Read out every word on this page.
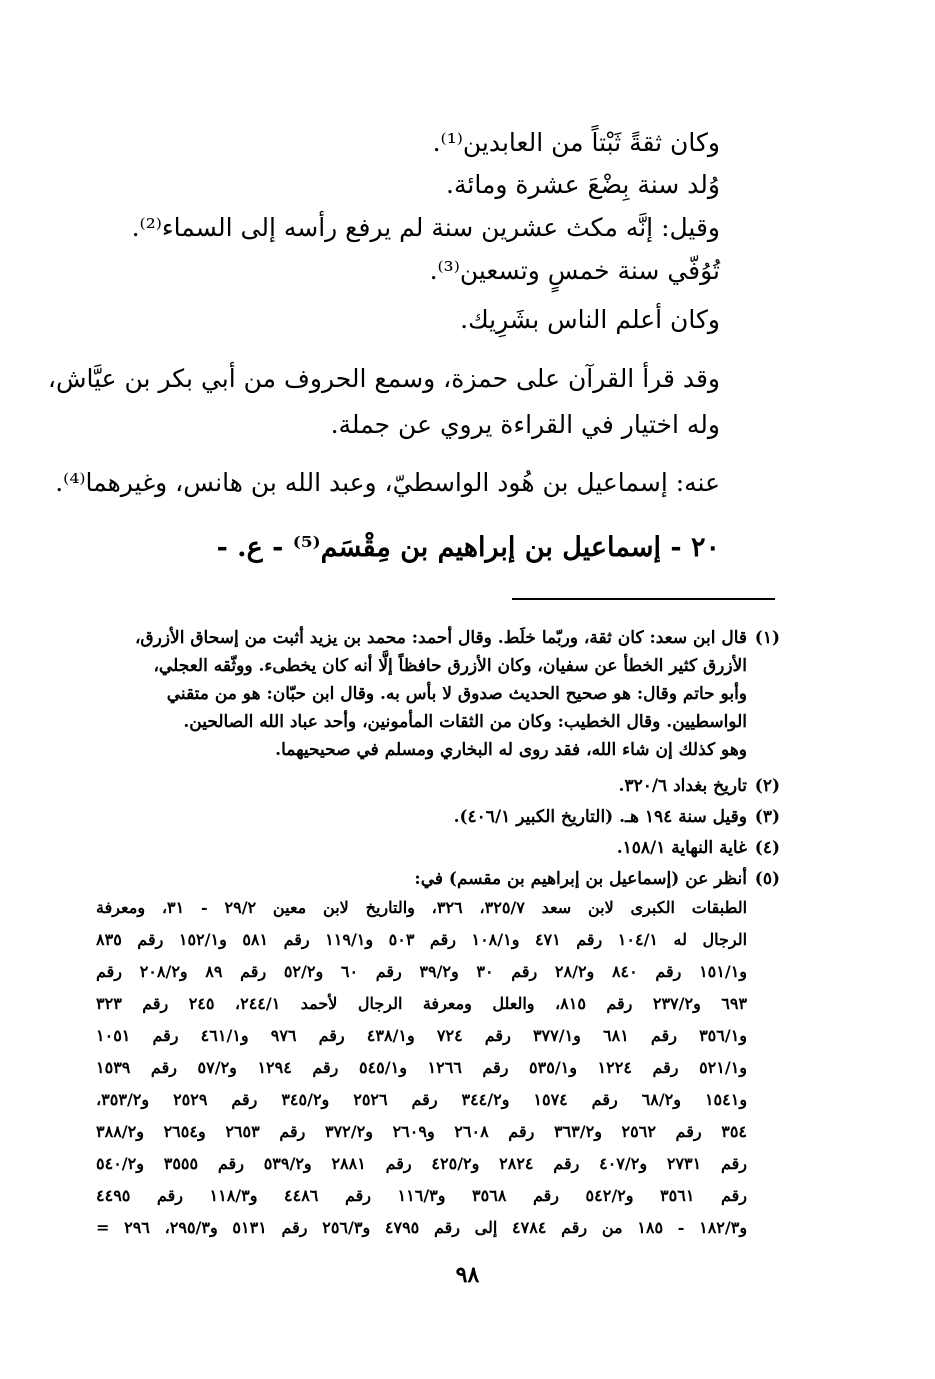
وكان ثقةً ثَبْتاً من العابدين⁽¹⁾.
وُلد سنة بِضْعَ عشرة ومائة.
وقيل: إنَّه مكث عشرين سنة لم يرفع رأسه إلى السماء⁽²⁾.
تُوُفّي سنة خمسٍ وتسعين⁽³⁾.
وكان أعلم الناس بشَرِيك.
وقد قرأ القرآن على حمزة، وسمع الحروف من أبي بكر بن عيَّاش،
وله اختيار في القراءة يروي عن جملة.
عنه: إسماعيل بن هُود الواسطيّ، وعبد الله بن هانس، وغيرهما⁽⁴⁾.
٢٠ - إسماعيل بن إبراهيم بن مِقْسَم⁽⁵⁾ - ع. -
(١)
قال ابن سعد: كان ثقة، وربّما خلَط. وقال أحمد: محمد بن يزيد أثبت من إسحاق الأزرق،
الأزرق كثير الخطأ عن سفيان، وكان الأزرق حافظاً إلَّا أنه كان يخطىء. ووثّقه العجلي،
وأبو حاتم وقال: هو صحيح الحديث صدوق لا بأس به. وقال ابن حبّان: هو من متقني
الواسطيين. وقال الخطيب: وكان من الثقات المأمونين، وأحد عباد الله الصالحين.
وهو كذلك إن شاء الله، فقد روى له البخاري ومسلم في صحيحيهما.
(٢)
تاريخ بغداد ٣٢٠/٦.
(٣)
وقيل سنة ١٩٤ هـ. (التاريخ الكبير ٤٠٦/١).
(٤)
غاية النهاية ١٥٨/١.
(٥)
أنظر عن (إسماعيل بن إبراهيم بن مقسم) في:
الطبقات الكبرى لابن سعد ٣٢٥/٧، ٣٢٦، والتاريخ لابن معين ٢٩/٢ - ٣١، ومعرفة
الرجال له ١٠٤/١ رقم ٤٧١ و١٠٨/١ رقم ٥٠٣ و١١٩/١ رقم ٥٨١ و١٥٢/١ رقم ٨٣٥
و١٥١/١ رقم ٨٤٠ و٢٨/٢ رقم ٣٠ و٣٩/٢ رقم ٦٠ و٥٢/٢ رقم ٨٩ و٢٠٨/٢ رقم
٦٩٣ و٢٣٧/٢ رقم ٨١٥، والعلل ومعرفة الرجال لأحمد ٢٤٤/١، ٢٤٥ رقم ٣٢٣
و٣٥٦/١ رقم ٦٨١ و٣٧٧/١ رقم ٧٢٤ و٤٣٨/١ رقم ٩٧٦ و٤٦١/١ رقم ١٠٥١
و٥٢١/١ رقم ١٢٢٤ و٥٣٥/١ رقم ١٢٦٦ و٥٤٥/١ رقم ١٢٩٤ و٥٧/٢ رقم ١٥٣٩
و١٥٤١ و٦٨/٢ رقم ١٥٧٤ و٣٤٤/٢ رقم ٢٥٢٦ و٣٤٥/٢ رقم ٢٥٢٩ و٣٥٣/٢،
٣٥٤ رقم ٢٥٦٢ و٣٦٣/٢ رقم ٢٦٠٨ و٢٦٠٩ و٣٧٢/٢ رقم ٢٦٥٣ و٢٦٥٤ و٣٨٨/٢
رقم ٢٧٣١ و٤٠٧/٢ رقم ٢٨٢٤ و٤٢٥/٢ رقم ٢٨٨١ و٥٣٩/٢ رقم ٣٥٥٥ و٥٤٠/٢
رقم ٣٥٦١ و٥٤٢/٢ رقم ٣٥٦٨ و١١٦/٣ رقم ٤٤٨٦ و١١٨/٣ رقم ٤٤٩٥
و١٨٢/٣ - ١٨٥ من رقم ٤٧٨٤ إلى رقم ٤٧٩٥ و٢٥٦/٣ رقم ٥١٣١ و٢٩٥/٣، ٢٩٦ =
٩٨
